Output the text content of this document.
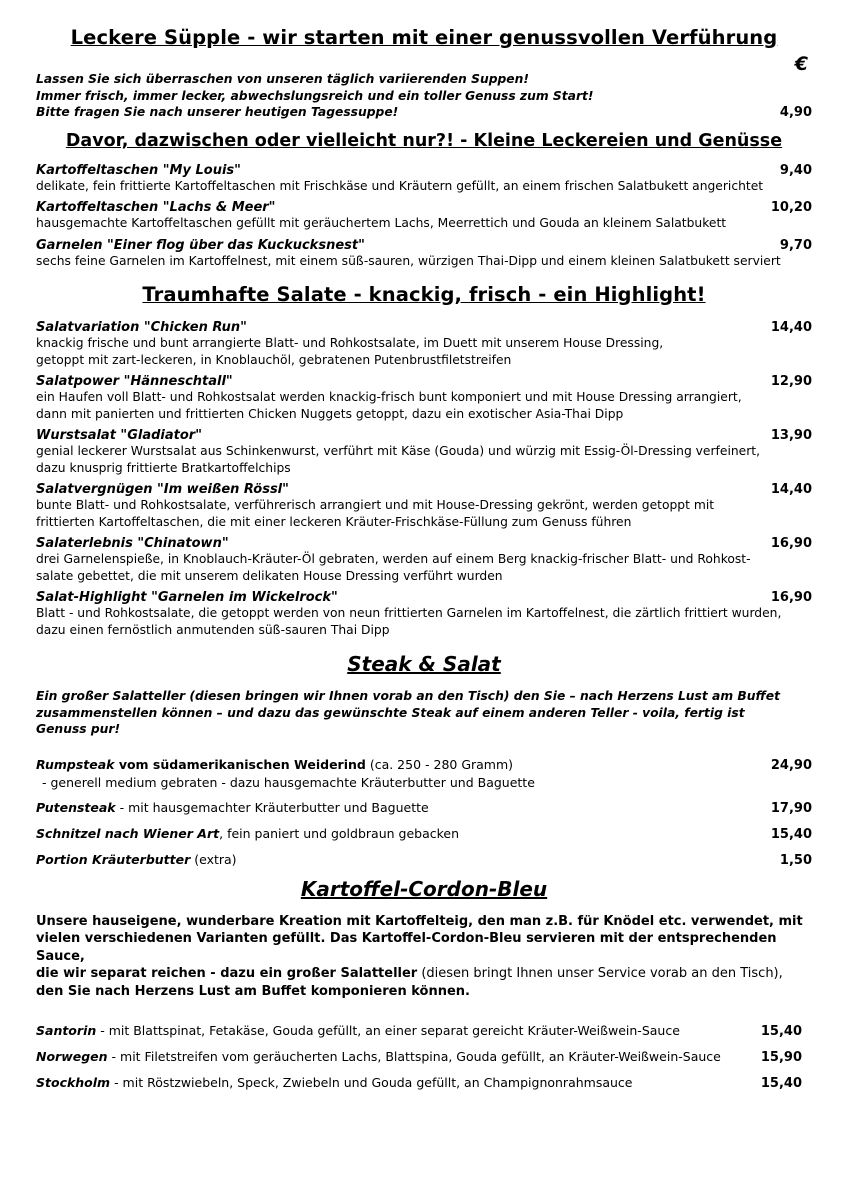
Leckere Süpple - wir starten mit einer genussvollen Verführung
€
Lassen Sie sich überraschen von unseren täglich variierenden Suppen!
Immer frisch, immer lecker, abwechslungsreich und ein toller Genuss zum Start!
Bitte fragen Sie nach unserer heutigen Tagessuppe!	4,90
Davor, dazwischen oder vielleicht nur?! - Kleine Leckereien und Genüsse
Kartoffeltaschen "My Louis"	9,40
delikate, fein frittierte Kartoffeltaschen mit Frischkäse und Kräutern gefüllt, an einem frischen Salatbukett angerichtet
Kartoffeltaschen "Lachs & Meer"	10,20
hausgemachte Kartoffeltaschen gefüllt mit geräuchertem Lachs, Meerrettich und Gouda an kleinem Salatbukett
Garnelen "Einer flog über das Kuckucksnest"	9,70
sechs feine Garnelen im Kartoffelnest, mit einem süß-sauren, würzigen Thai-Dipp und einem kleinen Salatbukett serviert
Traumhafte Salate - knackig, frisch - ein Highlight!
Salatvariation "Chicken Run"	14,40
knackig frische und bunt arrangierte Blatt- und Rohkostsalate, im Duett mit unserem House Dressing,
getoppt mit zart-leckeren, in Knoblauchöl, gebratenen Putenbrustfiletstreifen
Salatpower "Hänneschtall"	12,90
ein Haufen voll Blatt- und Rohkostsalat werden knackig-frisch bunt komponiert und mit House Dressing arrangiert,
dann mit panierten und frittierten Chicken Nuggets getoppt, dazu ein exotischer Asia-Thai Dipp
Wurstsalat "Gladiator"	13,90
genial leckerer Wurstsalat aus Schinkenwurst, verführt mit Käse (Gouda) und würzig mit Essig-Öl-Dressing verfeinert,
dazu knusprig frittierte Bratkartoffelchips
Salatvergnügen "Im weißen Rössl"	14,40
bunte Blatt- und Rohkostsalate, verführerisch arrangiert und mit House-Dressing gekrönt, werden getoppt mit
frittierten Kartoffeltaschen, die mit einer leckeren Kräuter-Frischkäse-Füllung zum Genuss führen
Salaterlebnis "Chinatown"	16,90
drei Garnelenspieße, in Knoblauch-Kräuter-Öl gebraten, werden auf einem Berg knackig-frischer Blatt- und Rohkost-
salate gebettet, die mit unserem delikaten House Dressing verführt wurden
Salat-Highlight "Garnelen im Wickelrock"	16,90
Blatt - und Rohkostsalate, die getoppt werden von neun frittierten Garnelen im Kartoffelnest, die zärtlich frittiert wurden,
dazu einen fernöstlich anmutenden süß-sauren Thai Dipp
Steak & Salat
Ein großer Salatteller (diesen bringen wir Ihnen vorab an den Tisch) den Sie – nach Herzens Lust am Buffet
zusammenstellen können – und dazu das gewünschte Steak auf einem anderen Teller - voila, fertig ist
Genuss pur!
Rumpsteak vom südamerikanischen Weiderind (ca. 250 - 280 Gramm)	24,90
- generell medium gebraten - dazu hausgemachte Kräuterbutter und Baguette
Putensteak - mit hausgemachter Kräuterbutter und Baguette	17,90
Schnitzel nach Wiener Art, fein paniert und goldbraun gebacken	15,40
Portion Kräuterbutter (extra)	1,50
Kartoffel-Cordon-Bleu
Unsere hauseigene, wunderbare Kreation mit Kartoffelteig, den man z.B. für Knödel etc. verwendet, mit
vielen verschiedenen Varianten gefüllt. Das Kartoffel-Cordon-Bleu servieren mit der entsprechenden Sauce,
die wir separat reichen - dazu ein großer Salatteller (diesen bringt Ihnen unser Service vorab an den Tisch),
den Sie nach Herzens Lust am Buffet komponieren können.
Santorin - mit Blattspinat, Fetakäse, Gouda gefüllt, an einer separat gereicht Kräuter-Weißwein-Sauce	15,40
Norwegen - mit Filetstreifen vom geräucherten Lachs, Blattspina, Gouda gefüllt, an Kräuter-Weißwein-Sauce	15,90
Stockholm - mit Röstzwiebeln, Speck, Zwiebeln und Gouda gefüllt, an Champignonrahmsauce	15,40
